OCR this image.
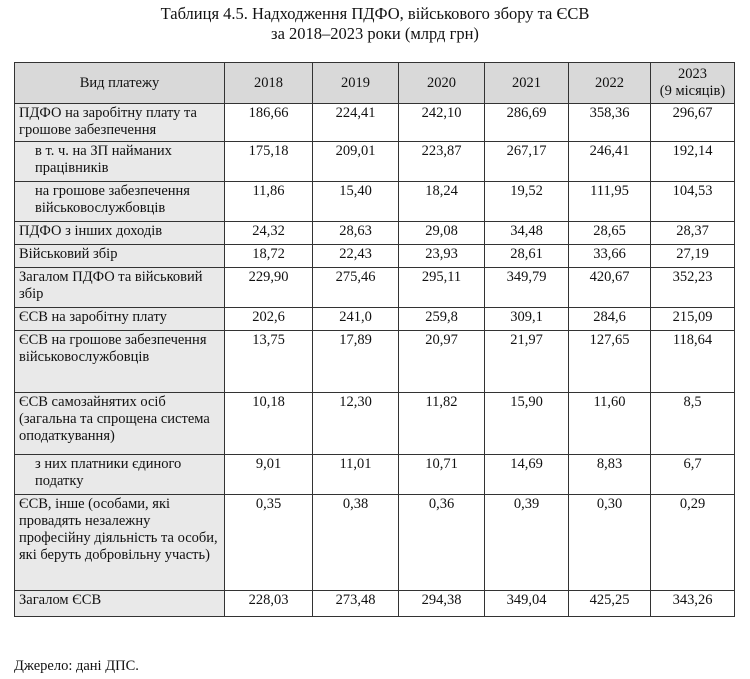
Таблиця 4.5. Надходження ПДФО, військового збору та ЄСВ
за 2018–2023 роки (млрд грн)
Вид платежу	2018	2019	2020	2021	2022	2023
(9 місяців)

ПДФО на заробітну плату та грошове забезпечення	186,66	224,41	242,10	286,69	358,36	296,67
в т. ч. на ЗП найманих працівників	175,18	209,01	223,87	267,17	246,41	192,14
на грошове забезпечення військовослужбовців	11,86	15,40	18,24	19,52	111,95	104,53
ПДФО з інших доходів	24,32	28,63	29,08	34,48	28,65	28,37
Військовий збір	18,72	22,43	23,93	28,61	33,66	27,19
Загалом ПДФО та військовий збір	229,90	275,46	295,11	349,79	420,67	352,23
ЄСВ на заробітну плату	202,6	241,0	259,8	309,1	284,6	215,09
ЄСВ на грошове забезпечення військовослужбовців	13,75	17,89	20,97	21,97	127,65	118,64
ЄСВ самозайнятих осіб (загальна та спрощена система оподаткування)	10,18	12,30	11,82	15,90	11,60	8,5
з них платники єдиного податку	9,01	11,01	10,71	14,69	8,83	6,7
ЄСВ, інше (особами, які провадять незалежну професійну діяльність та особи, які беруть добровільну участь)	0,35	0,38	0,36	0,39	0,30	0,29
Загалом ЄСВ	228,03	273,48	294,38	349,04	425,25	343,26
Джерело: дані ДПС.
